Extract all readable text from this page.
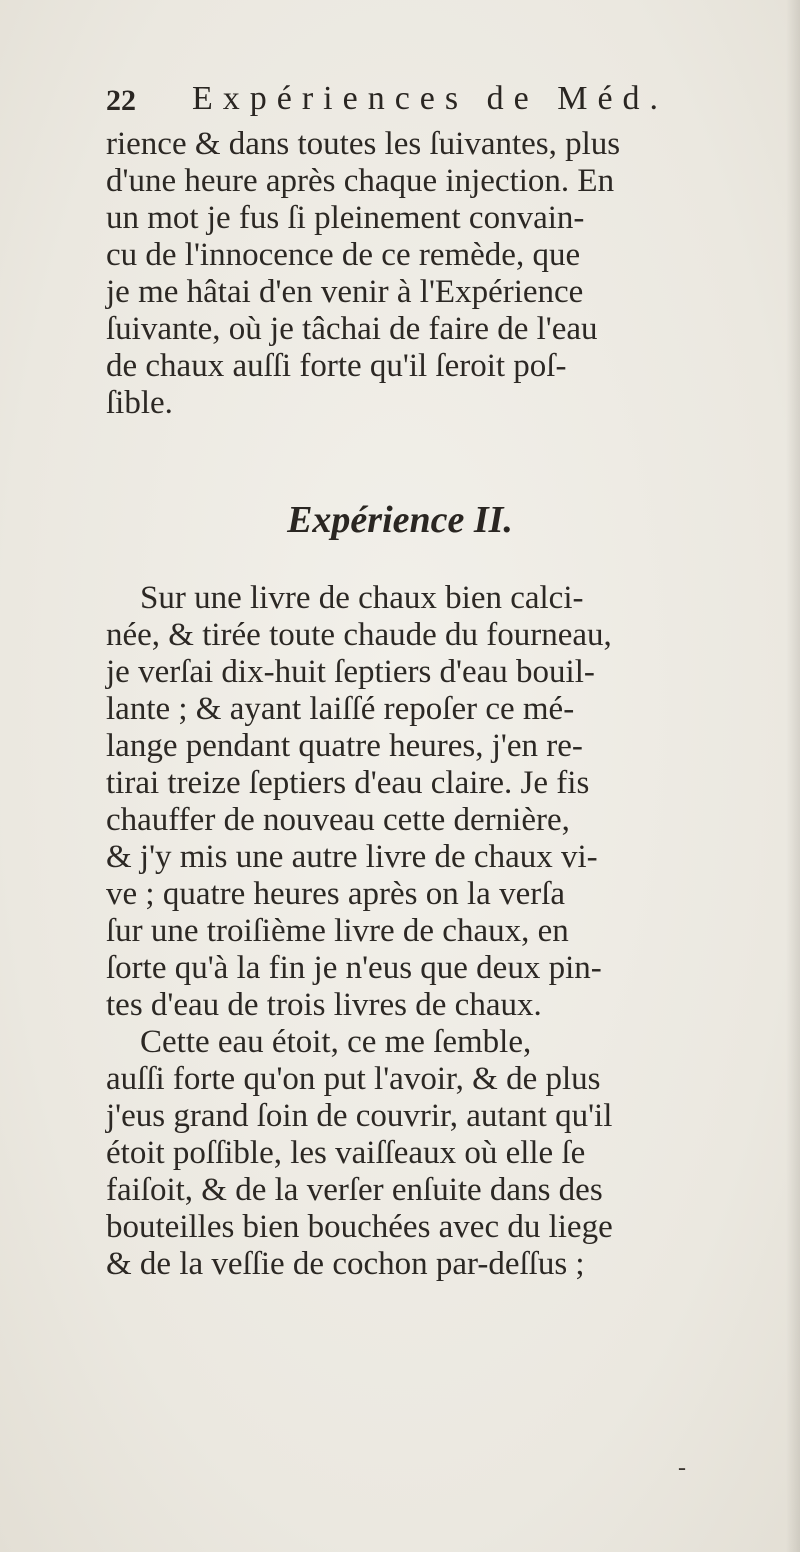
22 Expériences de Méd.
rience & dans toutes les ſuivantes, plus
d'une heure après chaque injection. En
un mot je fus ſi pleinement convain-
cu de l'innocence de ce remède, que
je me hâtai d'en venir à l'Expérience
ſuivante, où je tâchai de faire de l'eau
de chaux auſſi forte qu'il ſeroit poſ-
ſible.
Expérience II.
Sur une livre de chaux bien calci-
née, & tirée toute chaude du fourneau,
je verſai dix-huit ſeptiers d'eau bouil-
lante ; & ayant laiſſé repoſer ce mé-
lange pendant quatre heures, j'en re-
tirai treize ſeptiers d'eau claire. Je fis
chauffer de nouveau cette dernière,
& j'y mis une autre livre de chaux vi-
ve ; quatre heures après on la verſa
ſur une troiſième livre de chaux, en
ſorte qu'à la fin je n'eus que deux pin-
tes d'eau de trois livres de chaux.
Cette eau étoit, ce me ſemble,
auſſi forte qu'on put l'avoir, & de plus
j'eus grand ſoin de couvrir, autant qu'il
étoit poſſible, les vaiſſeaux où elle ſe
faiſoit, & de la verſer enſuite dans des
bouteilles bien bouchées avec du liege
& de la veſſie de cochon par-deſſus ;
-
